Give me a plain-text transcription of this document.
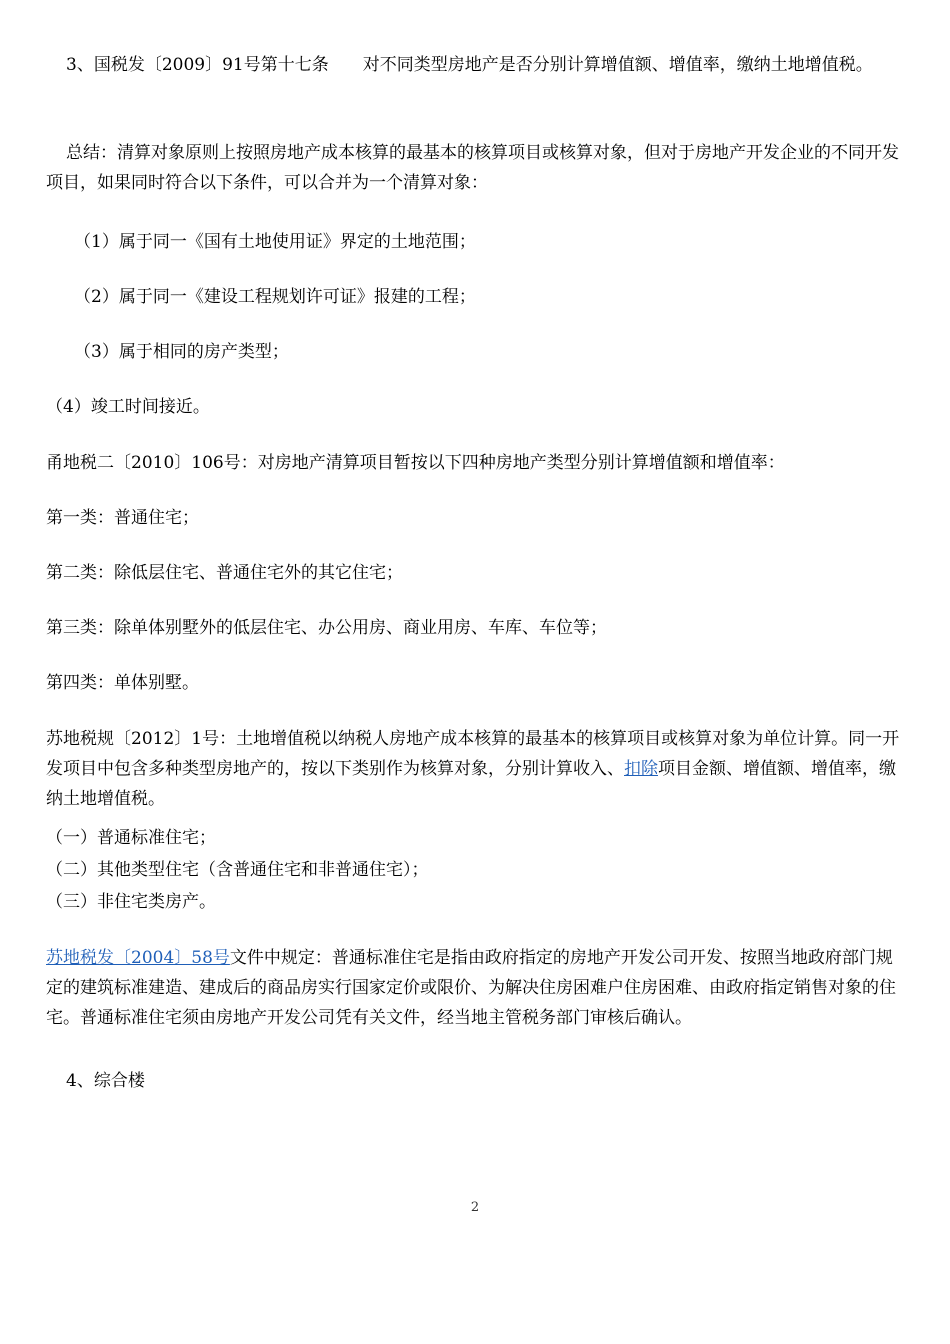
3、国税发〔2009〕91号第十七条　　对不同类型房地产是否分别计算增值额、增值率，缴纳土地增值税。

总结：清算对象原则上按照房地产成本核算的最基本的核算项目或核算对象，但对于房地产开发企业的不同开发项目，如果同时符合以下条件，可以合并为一个清算对象：

（1）属于同一《国有土地使用证》界定的土地范围；

（2）属于同一《建设工程规划许可证》报建的工程；

（3）属于相同的房产类型；

（4）竣工时间接近。

甬地税二〔2010〕106号：对房地产清算项目暂按以下四种房地产类型分别计算增值额和增值率：

第一类：普通住宅；

第二类：除低层住宅、普通住宅外的其它住宅；

第三类：除单体别墅外的低层住宅、办公用房、商业用房、车库、车位等；

第四类：单体别墅。

苏地税规〔2012〕1号：土地增值税以纳税人房地产成本核算的最基本的核算项目或核算对象为单位计算。同一开发项目中包含多种类型房地产的，按以下类别作为核算对象，分别计算收入、扣除项目金额、增值额、增值率，缴纳土地增值税。

（一）普通标准住宅；

（二）其他类型住宅（含普通住宅和非普通住宅）；

（三）非住宅类房产。

苏地税发〔2004〕58号文件中规定：普通标准住宅是指由政府指定的房地产开发公司开发、按照当地政府部门规定的建筑标准建造、建成后的商品房实行国家定价或限价、为解决住房困难户住房困难、由政府指定销售对象的住宅。普通标准住宅须由房地产开发公司凭有关文件，经当地主管税务部门审核后确认。

4、综合楼

2
